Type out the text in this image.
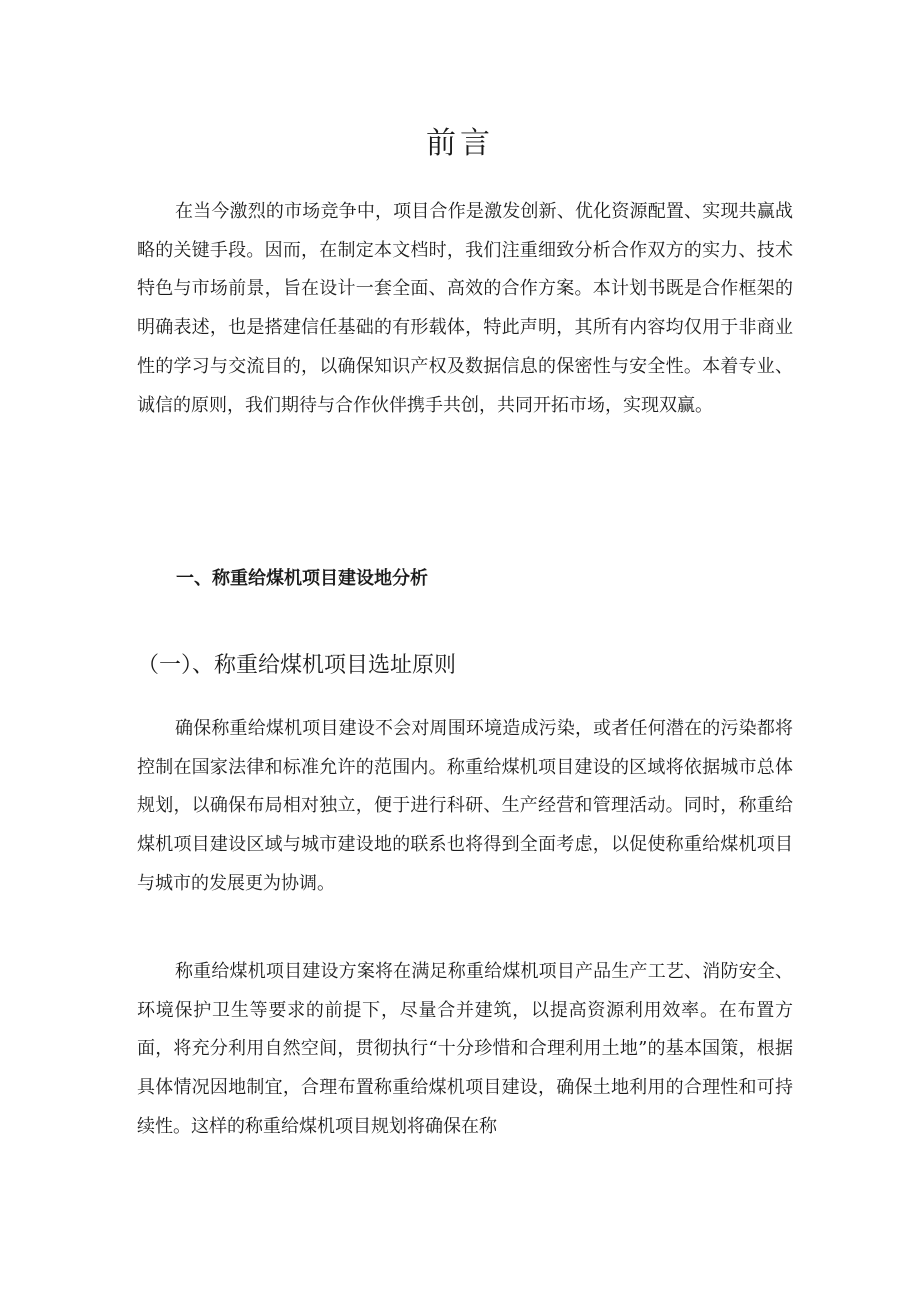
前言

在当今激烈的市场竞争中，项目合作是激发创新、优化资源配置、实现共赢战略的关键手段。因而，在制定本文档时，我们注重细致分析合作双方的实力、技术特色与市场前景，旨在设计一套全面、高效的合作方案。本计划书既是合作框架的明确表述，也是搭建信任基础的有形载体，特此声明，其所有内容均仅用于非商业性的学习与交流目的，以确保知识产权及数据信息的保密性与安全性。本着专业、诚信的原则，我们期待与合作伙伴携手共创，共同开拓市场，实现双赢。

一、称重给煤机项目建设地分析
（一）、称重给煤机项目选址原则

确保称重给煤机项目建设不会对周围环境造成污染，或者任何潜在的污染都将控制在国家法律和标准允许的范围内。称重给煤机项目建设的区域将依据城市总体规划，以确保布局相对独立，便于进行科研、生产经营和管理活动。同时，称重给煤机项目建设区域与城市建设地的联系也将得到全面考虑，以促使称重给煤机项目与城市的发展更为协调。

称重给煤机项目建设方案将在满足称重给煤机项目产品生产工艺、消防安全、环境保护卫生等要求的前提下，尽量合并建筑，以提高资源利用效率。在布置方面，将充分利用自然空间，贯彻执行“十分珍惜和合理利用土地”的基本国策，根据具体情况因地制宜，合理布置称重给煤机项目建设，确保土地利用的合理性和可持续性。这样的称重给煤机项目规划将确保在称
